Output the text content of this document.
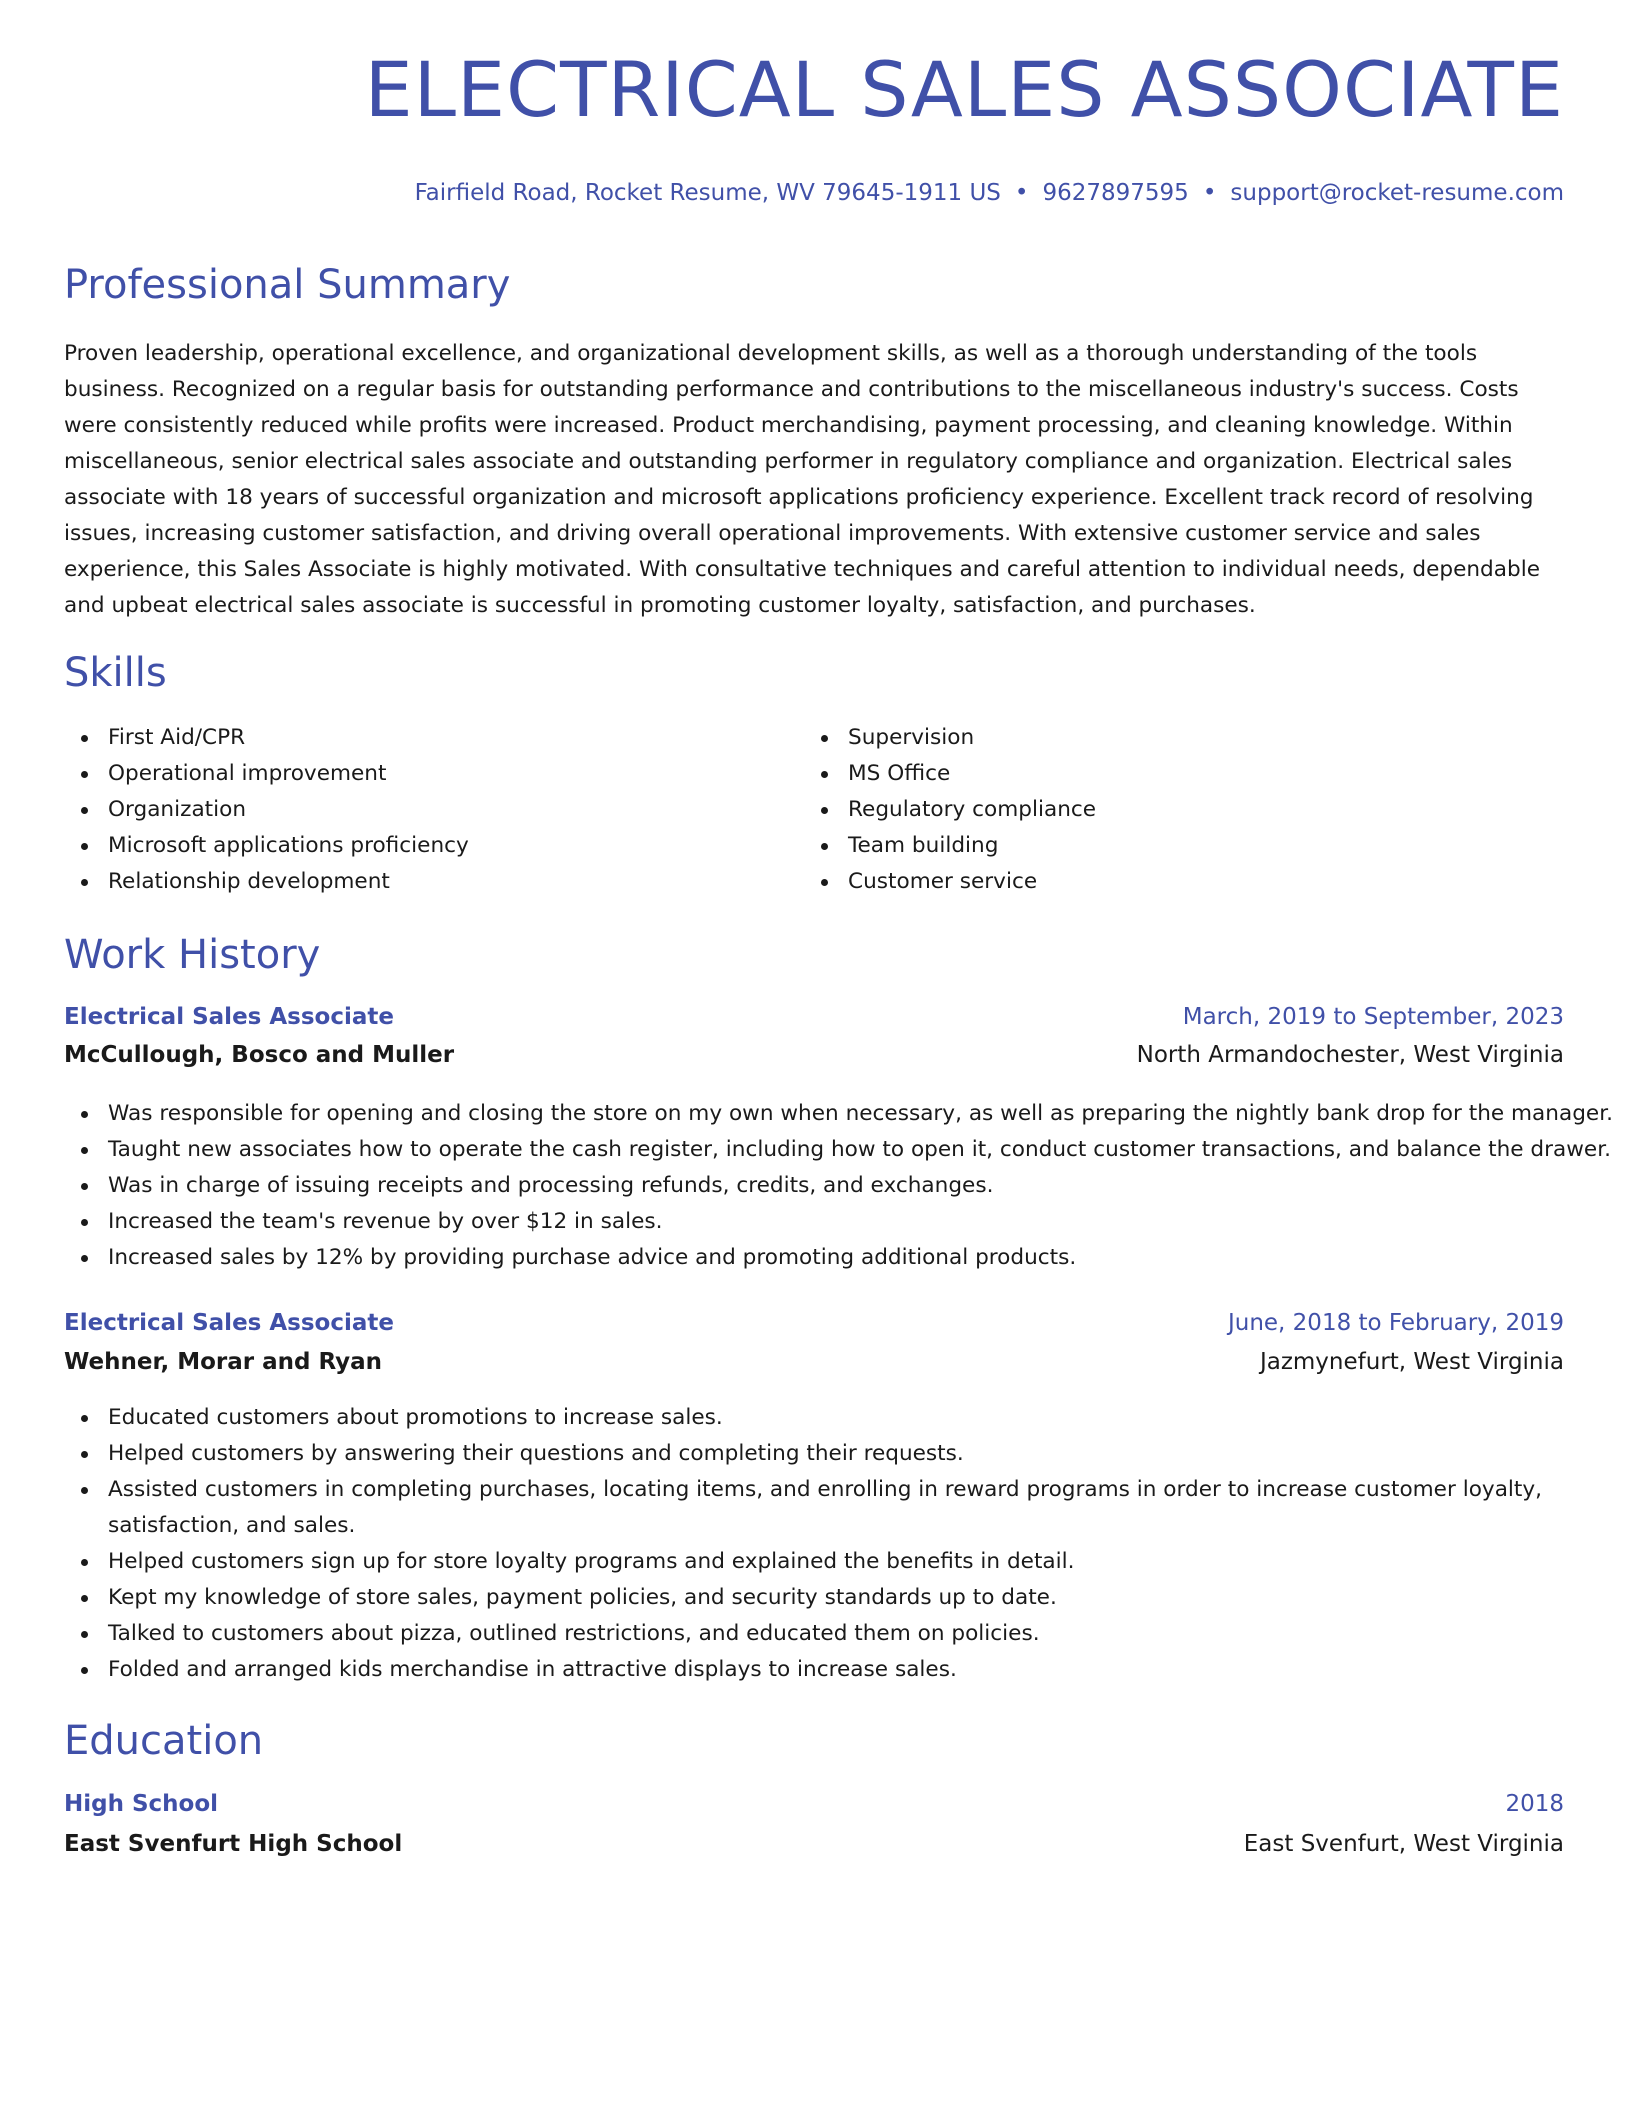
ELECTRICAL SALES ASSOCIATE
Fairfield Road, Rocket Resume, WV 79645-1911 US • 9627897595 • support@rocket-resume.com
Professional Summary

Proven leadership, operational excellence, and organizational development skills, as well as a thorough understanding of the tools business. Recognized on a regular basis for outstanding performance and contributions to the miscellaneous industry's success. Costs were consistently reduced while profits were increased. Product merchandising, payment processing, and cleaning knowledge. Within miscellaneous, senior electrical sales associate and outstanding performer in regulatory compliance and organization. Electrical sales associate with 18 years of successful organization and microsoft applications proficiency experience. Excellent track record of resolving issues, increasing customer satisfaction, and driving overall operational improvements. With extensive customer service and sales experience, this Sales Associate is highly motivated. With consultative techniques and careful attention to individual needs, dependable and upbeat electrical sales associate is successful in promoting customer loyalty, satisfaction, and purchases.

Skills
First Aid/CPR
Operational improvement
Organization
Microsoft applications proficiency
Relationship development
Supervision
MS Office
Regulatory compliance
Team building
Customer service
Work History
Electrical Sales Associate	March, 2019 to September, 2023
McCullough, Bosco and Muller	North Armandochester, West Virginia
Was responsible for opening and closing the store on my own when necessary, as well as preparing the nightly bank drop for the manager.
Taught new associates how to operate the cash register, including how to open it, conduct customer transactions, and balance the drawer.
Was in charge of issuing receipts and processing refunds, credits, and exchanges.
Increased the team's revenue by over $12 in sales.
Increased sales by 12% by providing purchase advice and promoting additional products.
Electrical Sales Associate	June, 2018 to February, 2019
Wehner, Morar and Ryan	Jazmynefurt, West Virginia
Educated customers about promotions to increase sales.
Helped customers by answering their questions and completing their requests.
Assisted customers in completing purchases, locating items, and enrolling in reward programs in order to increase customer loyalty, satisfaction, and sales.
Helped customers sign up for store loyalty programs and explained the benefits in detail.
Kept my knowledge of store sales, payment policies, and security standards up to date.
Talked to customers about pizza, outlined restrictions, and educated them on policies.
Folded and arranged kids merchandise in attractive displays to increase sales.
Education
High School	2018
East Svenfurt High School	East Svenfurt, West Virginia
